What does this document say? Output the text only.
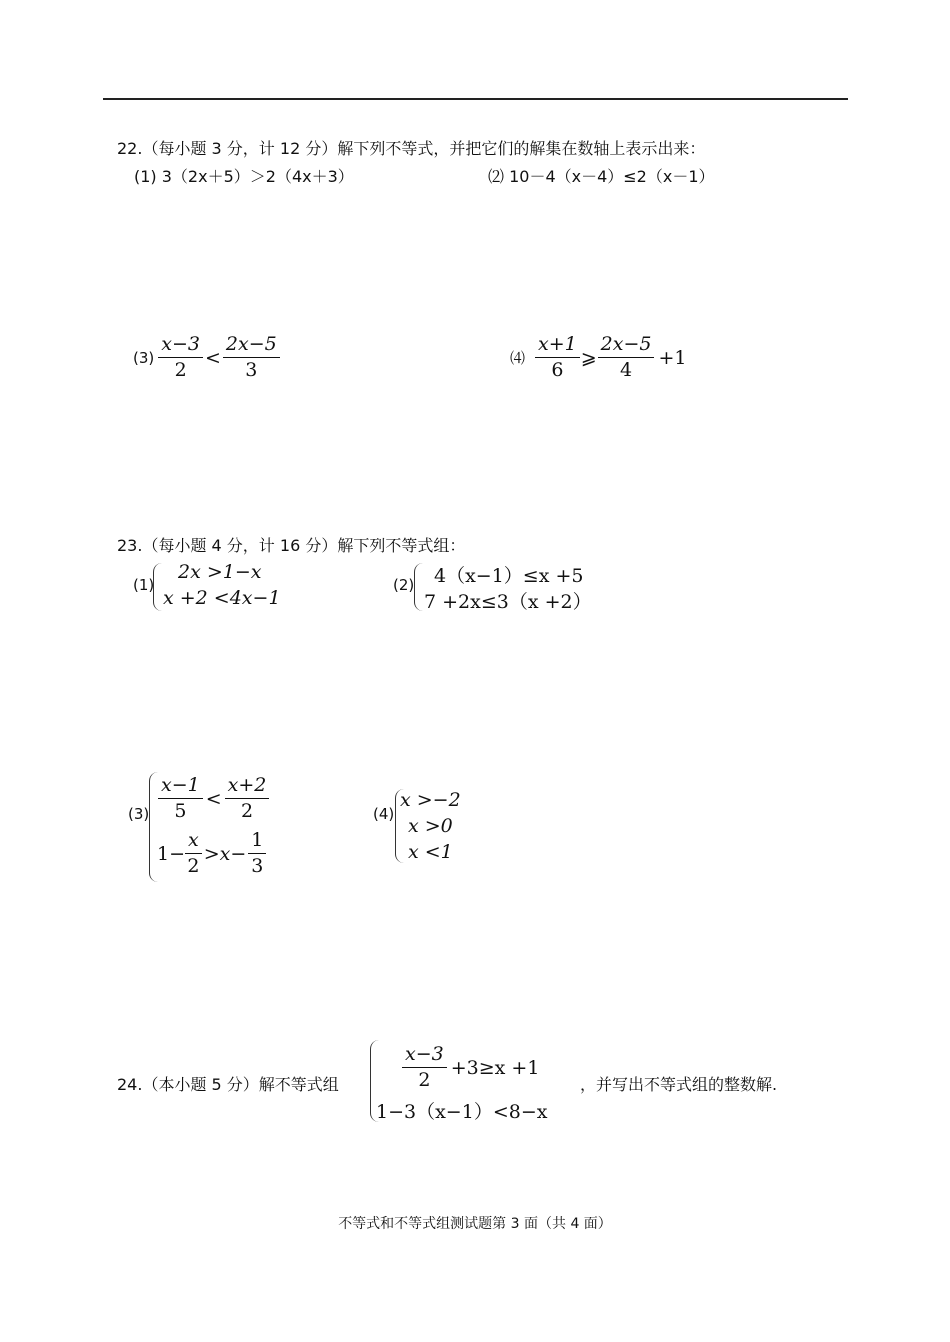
22.（每小题 3 分，计 12 分）解下列不等式，并把它们的解集在数轴上表示出来：
(1) 3（2x＋5）＞2（4x＋3）	⑵ 10－4（x－4）≤2（x－1）
$(3) \frac{x-3}{2} < \frac{2x-5}{3}$	⑷ $\frac{x+1}{6}$ ⩾ $\frac{2x-5}{4} +1$
23.（每小题 4 分，计 16 分）解下列不等式组：
(1)
2x >1−x
x +2 <4x−1
(2) 4（x−1）≤x +5
7 +2x≤3（x +2）
$(3) \frac{x-1}{5} < \frac{x+2}{2}$
$1- \frac{x}{2} >x- \frac{1}{3}$
(4)
x >−2
x >0
x <1
24.（本小题 5 分）解不等式组	$\frac{x-3}{2} +3\ge x +1$
1−3（x−1）<8−x
，并写出不等式组的整数解.
不等式和不等式组测试题第 3 面（共 4 面）
